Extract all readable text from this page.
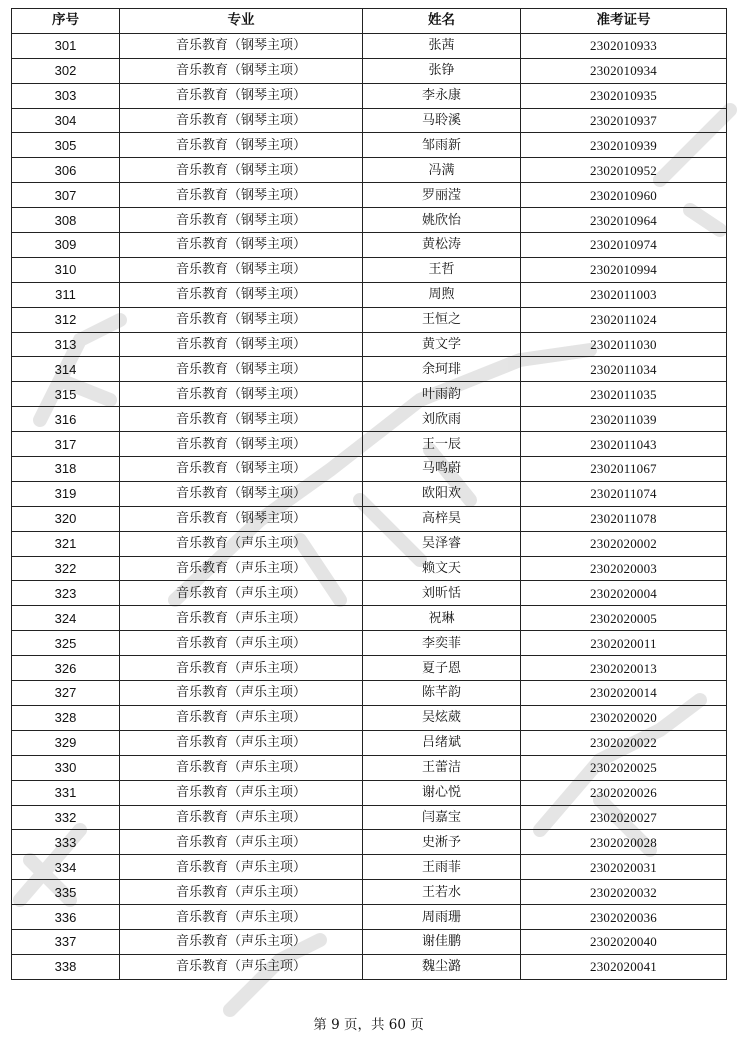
序号	专业	姓名	准考证号
301	音乐教育（钢琴主项）	张茜	2302010933
302	音乐教育（钢琴主项）	张铮	2302010934
303	音乐教育（钢琴主项）	李永康	2302010935
304	音乐教育（钢琴主项）	马聆溪	2302010937
305	音乐教育（钢琴主项）	邹雨新	2302010939
306	音乐教育（钢琴主项）	冯满	2302010952
307	音乐教育（钢琴主项）	罗丽滢	2302010960
308	音乐教育（钢琴主项）	姚欣怡	2302010964
309	音乐教育（钢琴主项）	黄松涛	2302010974
310	音乐教育（钢琴主项）	王哲	2302010994
311	音乐教育（钢琴主项）	周煦	2302011003
312	音乐教育（钢琴主项）	王恒之	2302011024
313	音乐教育（钢琴主项）	黄文学	2302011030
314	音乐教育（钢琴主项）	余珂琲	2302011034
315	音乐教育（钢琴主项）	叶雨韵	2302011035
316	音乐教育（钢琴主项）	刘欣雨	2302011039
317	音乐教育（钢琴主项）	王一辰	2302011043
318	音乐教育（钢琴主项）	马鸣蔚	2302011067
319	音乐教育（钢琴主项）	欧阳欢	2302011074
320	音乐教育（钢琴主项）	高梓昊	2302011078
321	音乐教育（声乐主项）	吴泽睿	2302020002
322	音乐教育（声乐主项）	赖文天	2302020003
323	音乐教育（声乐主项）	刘昕恬	2302020004
324	音乐教育（声乐主项）	祝琳	2302020005
325	音乐教育（声乐主项）	李奕菲	2302020011
326	音乐教育（声乐主项）	夏子恩	2302020013
327	音乐教育（声乐主项）	陈芊韵	2302020014
328	音乐教育（声乐主项）	吴炫葳	2302020020
329	音乐教育（声乐主项）	吕绪斌	2302020022
330	音乐教育（声乐主项）	王蕾洁	2302020025
331	音乐教育（声乐主项）	谢心悦	2302020026
332	音乐教育（声乐主项）	闫嘉宝	2302020027
333	音乐教育（声乐主项）	史淅予	2302020028
334	音乐教育（声乐主项）	王雨菲	2302020031
335	音乐教育（声乐主项）	王若水	2302020032
336	音乐教育（声乐主项）	周雨珊	2302020036
337	音乐教育（声乐主项）	谢佳鹏	2302020040
338	音乐教育（声乐主项）	魏尘潞	2302020041
第 9 页，共 60 页
